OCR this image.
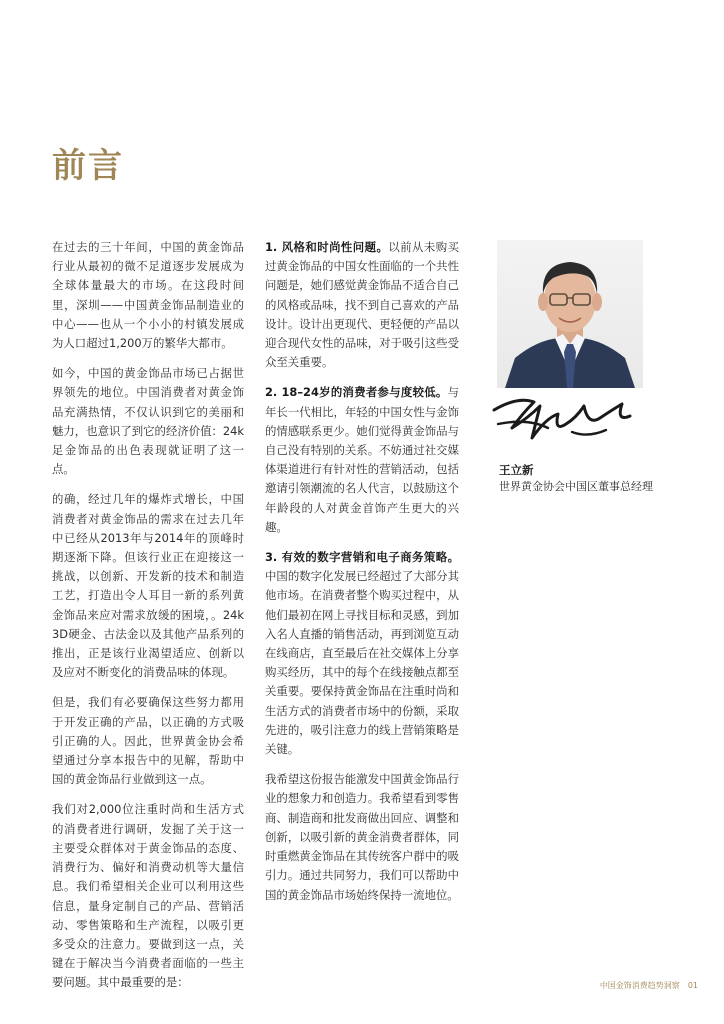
前言

在过去的三十年间，中国的黄金饰品行业从最初的微不足道逐步发展成为全球体量最大的市场。在这段时间里，深圳——中国黄金饰品制造业的中心——也从一个小小的村镇发展成为人口超过1,200万的繁华大都市。

如今，中国的黄金饰品市场已占据世界领先的地位。中国消费者对黄金饰品充满热情，不仅认识到它的美丽和魅力，也意识了到它的经济价值：24k足金饰品的出色表现就证明了这一点。

的确，经过几年的爆炸式增长，中国消费者对黄金饰品的需求在过去几年中已经从2013年与2014年的顶峰时期逐渐下降。但该行业正在迎接这一挑战，以创新、开发新的技术和制造工艺，打造出令人耳目一新的系列黄金饰品来应对需求放缓的困境，。24k 3D硬金、古法金以及其他产品系列的推出，正是该行业渴望适应、创新以及应对不断变化的消费品味的体现。

但是，我们有必要确保这些努力都用于开发正确的产品，以正确的方式吸引正确的人。因此，世界黄金协会希望通过分享本报告中的见解，帮助中国的黄金饰品行业做到这一点。

我们对2,000位注重时尚和生活方式的消费者进行调研，发掘了关于这一主要受众群体对于黄金饰品的态度、消费行为、偏好和消费动机等大量信息。我们希望相关企业可以利用这些信息，量身定制自己的产品、营销活动、零售策略和生产流程，以吸引更多受众的注意力。要做到这一点，关键在于解决当今消费者面临的一些主要问题。其中最重要的是：

1. 风格和时尚性问题。以前从未购买过黄金饰品的中国女性面临的一个共性问题是，她们感觉黄金饰品不适合自己的风格或品味，找不到自己喜欢的产品设计。设计出更现代、更轻便的产品以迎合现代女性的品味，对于吸引这些受众至关重要。

2. 18–24岁的消费者参与度较低。与年长一代相比，年轻的中国女性与金饰的情感联系更少。她们觉得黄金饰品与自己没有特别的关系。不妨通过社交媒体渠道进行有针对性的营销活动，包括邀请引领潮流的名人代言，以鼓励这个年龄段的人对黄金首饰产生更大的兴趣。

3. 有效的数字营销和电子商务策略。中国的数字化发展已经超过了大部分其他市场。在消费者整个购买过程中，从他们最初在网上寻找目标和灵感，到加入名人直播的销售活动，再到浏览互动在线商店，直至最后在社交媒体上分享购买经历，其中的每个在线接触点都至关重要。要保持黄金饰品在注重时尚和生活方式的消费者市场中的份额，采取先进的，吸引注意力的线上营销策略是关键。

我希望这份报告能激发中国黄金饰品行业的想象力和创造力。我希望看到零售商、制造商和批发商做出回应、调整和创新，以吸引新的黄金消费者群体，同时重燃黄金饰品在其传统客户群中的吸引力。通过共同努力，我们可以帮助中国的黄金饰品市场始终保持一流地位。

王立新
世界黄金协会中国区董事总经理
中国金饰消费趋势洞察 01
